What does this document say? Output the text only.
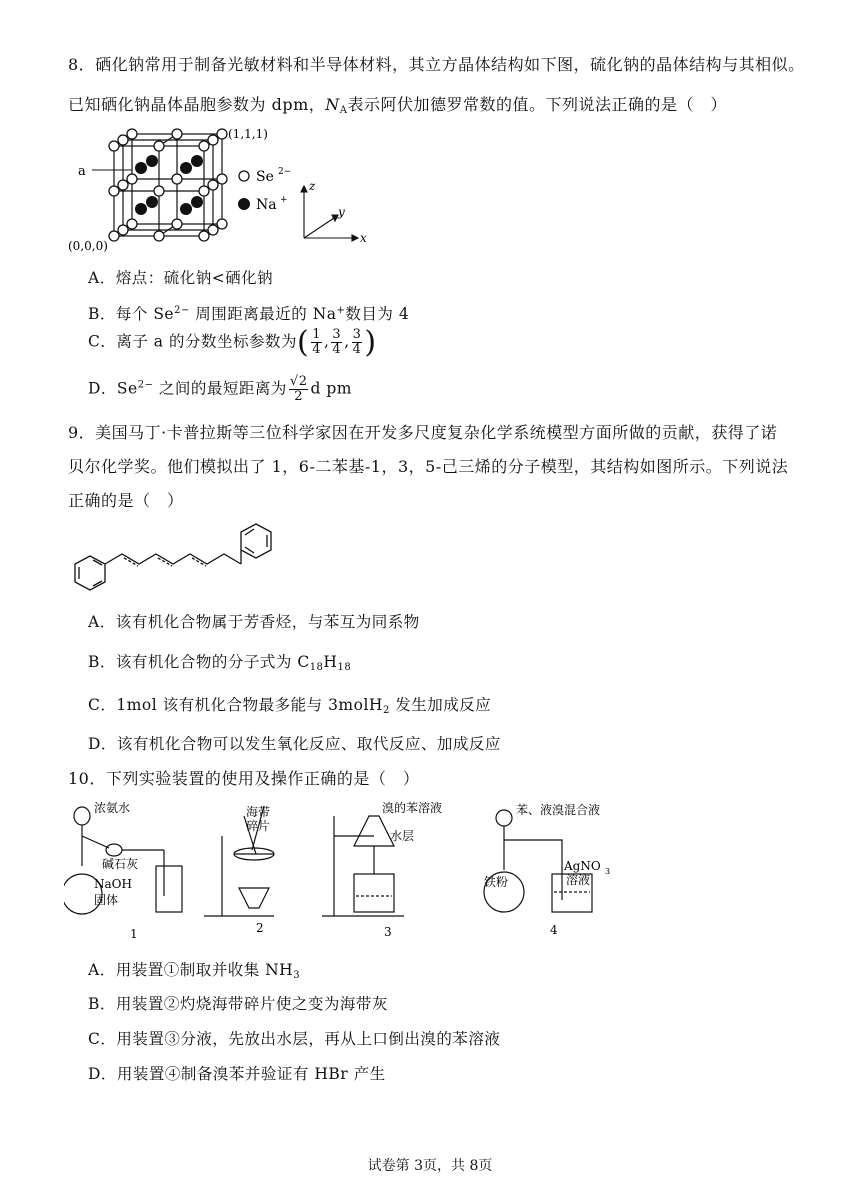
8．硒化钠常用于制备光敏材料和半导体材料，其立方晶体结构如下图，硫化钠的晶体结构与其相似。
已知硒化钠晶体晶胞参数为 dpm，$N_A$表示阿伏加德罗常数的值。下列说法正确的是（　）
a
(0,0,0)
(1,1,1)
Se 2−
Na +
x
y
z
A．熔点：硫化钠<硒化钠
B．每个 $Se^{2-}$ 周围距离最近的 Na+数目为 4
C．离子 a 的分数坐标参数为( $\frac{1}{4}$ , $\frac{3}{4}$ , $\frac{3}{4}$ )
D．$Se^{2-}$ 之间的最短距离为 $\frac{√2}{2}$ d pm
9．美国马丁·卡普拉斯等三位科学家因在开发多尺度复杂化学系统模型方面所做的贡献，获得了诺
贝尔化学奖。他们模拟出了 1，6-二苯基-1，3，5-己三烯的分子模型，其结构如图所示。下列说法
正确的是（　）
A．该有机化合物属于芳香烃，与苯互为同系物
B．该有机化合物的分子式为 $C_{18}H_{18}$
C．1mol 该有机化合物最多能与 3molH$_2$ 发生加成反应
D．该有机化合物可以发生氧化反应、取代反应、加成反应
10．下列实验装置的使用及操作正确的是（　）
浓氨水
碱石灰
NaOH
固体
1
海带
碎片
2
溴的苯溶液
水层
3
苯、液溴混合液
铁粉
AgNO 3
溶液
4
A．用装置①制取并收集 $NH_3$
B．用装置②灼烧海带碎片使之变为海带灰
C．用装置③分液，先放出水层，再从上口倒出溴的苯溶液
D．用装置④制备溴苯并验证有 HBr 产生
试卷第 3页，共 8页
